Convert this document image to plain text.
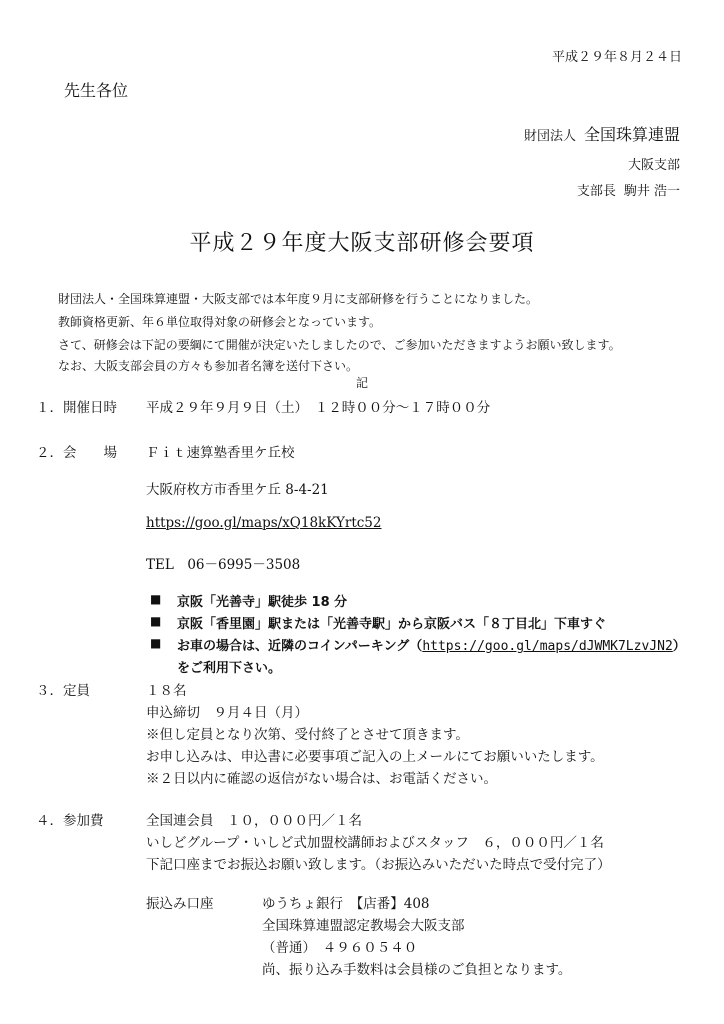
平成２９年８月２４日
先生各位
財団法人 全国珠算連盟
大阪支部
支部長 駒井 浩一
平成２９年度大阪支部研修会要項
財団法人・全国珠算連盟・大阪支部では本年度９月に支部研修を行うことになりました。
教師資格更新、年６単位取得対象の研修会となっています。
さて、研修会は下記の要綱にて開催が決定いたしましたので、ご参加いただきますようお願い致します。
なお、大阪支部会員の方々も参加者名簿を送付下さい。
記
１．開催日時 平成２９年９月９日（土）　１２時００分～１７時００分
２．会　　場 Ｆｉｔ速算塾香里ケ丘校
大阪府枚方市香里ケ丘 8-4-21
https://goo.gl/maps/xQ18kKYrtc52
TEL　06－6995－3508
■ 京阪「光善寺」駅徒歩 18 分
■ 京阪「香里園」駅または「光善寺駅」から京阪バス「８丁目北」下車すぐ
■ お車の場合は、近隣のコインパーキング（https://goo.gl/maps/dJWMK7LzvJN2）
をご利用下さい。
３．定員	１８名
申込締切　９月４日（月）
※但し定員となり次第、受付終了とさせて頂きます。
お申し込みは、申込書に必要事項ご記入の上メールにてお願いいたします。
※２日以内に確認の返信がない場合は、お電話ください。
４．参加費	全国連会員　１０，０００円／１名
いしどグループ・いしど式加盟校講師およびスタッフ　６，０００円／１名
下記口座までお振込お願い致します。（お振込みいただいた時点で受付完了）
振込み口座	ゆうちょ銀行　【店番】408
全国珠算連盟認定教場会大阪支部
（普通）　４９６０５４０
尚、振り込み手数料は会員様のご負担となります。
